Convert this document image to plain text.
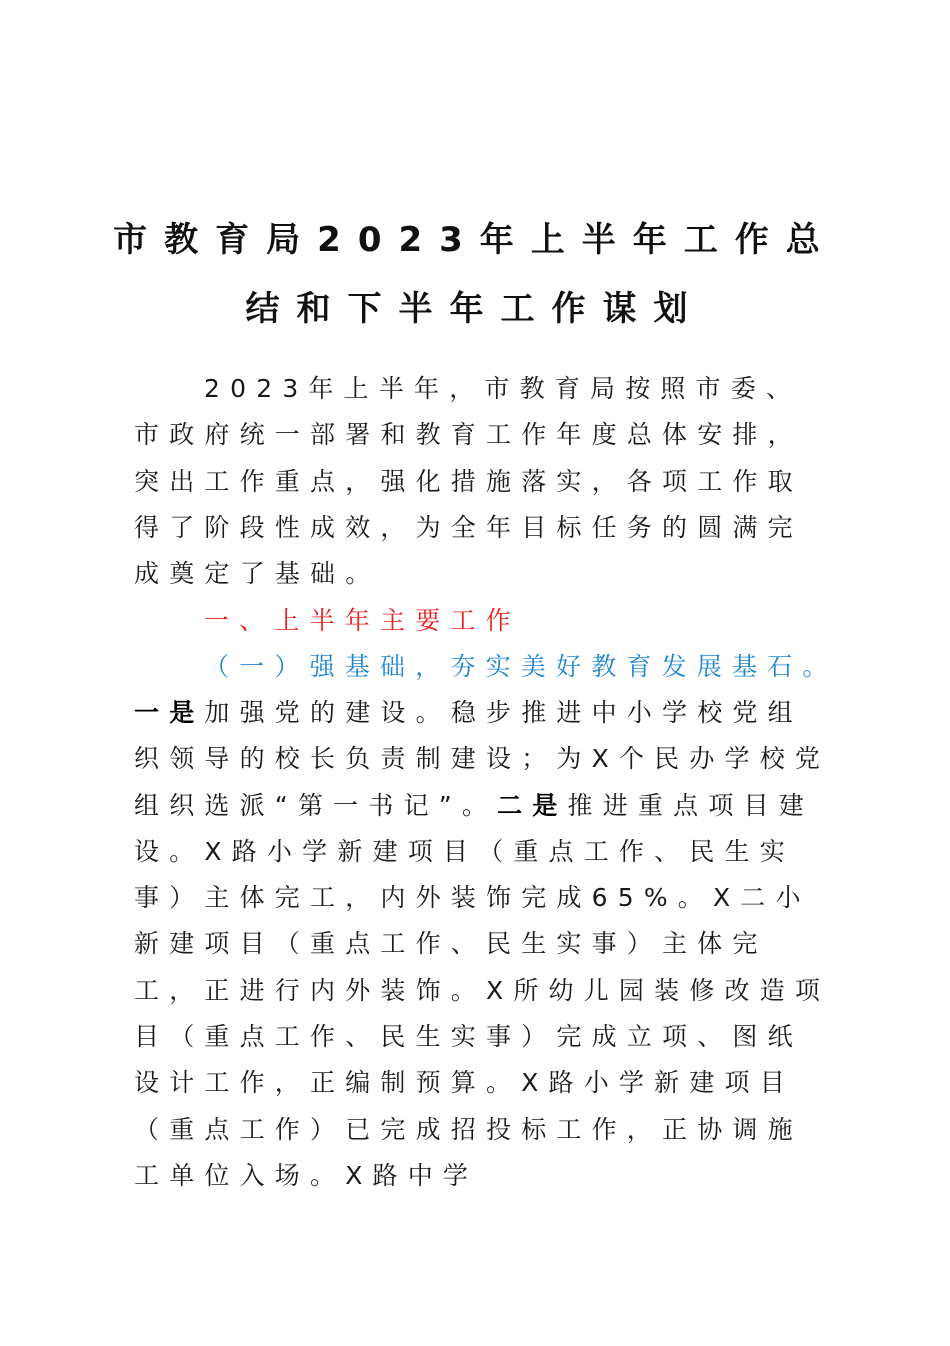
市教育局2023年上半年工作总
结和下半年工作谋划

2023年上半年，市教育局按照市委、市政府统一部署和教育工作年度总体安排，突出工作重点，强化措施落实，各项工作取得了阶段性成效，为全年目标任务的圆满完成奠定了基础。

一、上半年主要工作
（一）强基础，夯实美好教育发展基石。

一是加强党的建设。稳步推进中小学校党组织领导的校长负责制建设；为X个民办学校党组织选派“第一书记”。二是推进重点项目建设。X路小学新建项目（重点工作、民生实事）主体完工，内外装饰完成65%。X二小新建项目（重点工作、民生实事）主体完工，正进行内外装饰。X所幼儿园装修改造项目（重点工作、民生实事）完成立项、图纸设计工作，正编制预算。X路小学新建项目（重点工作）已完成招投标工作，正协调施工单位入场。X路中学
